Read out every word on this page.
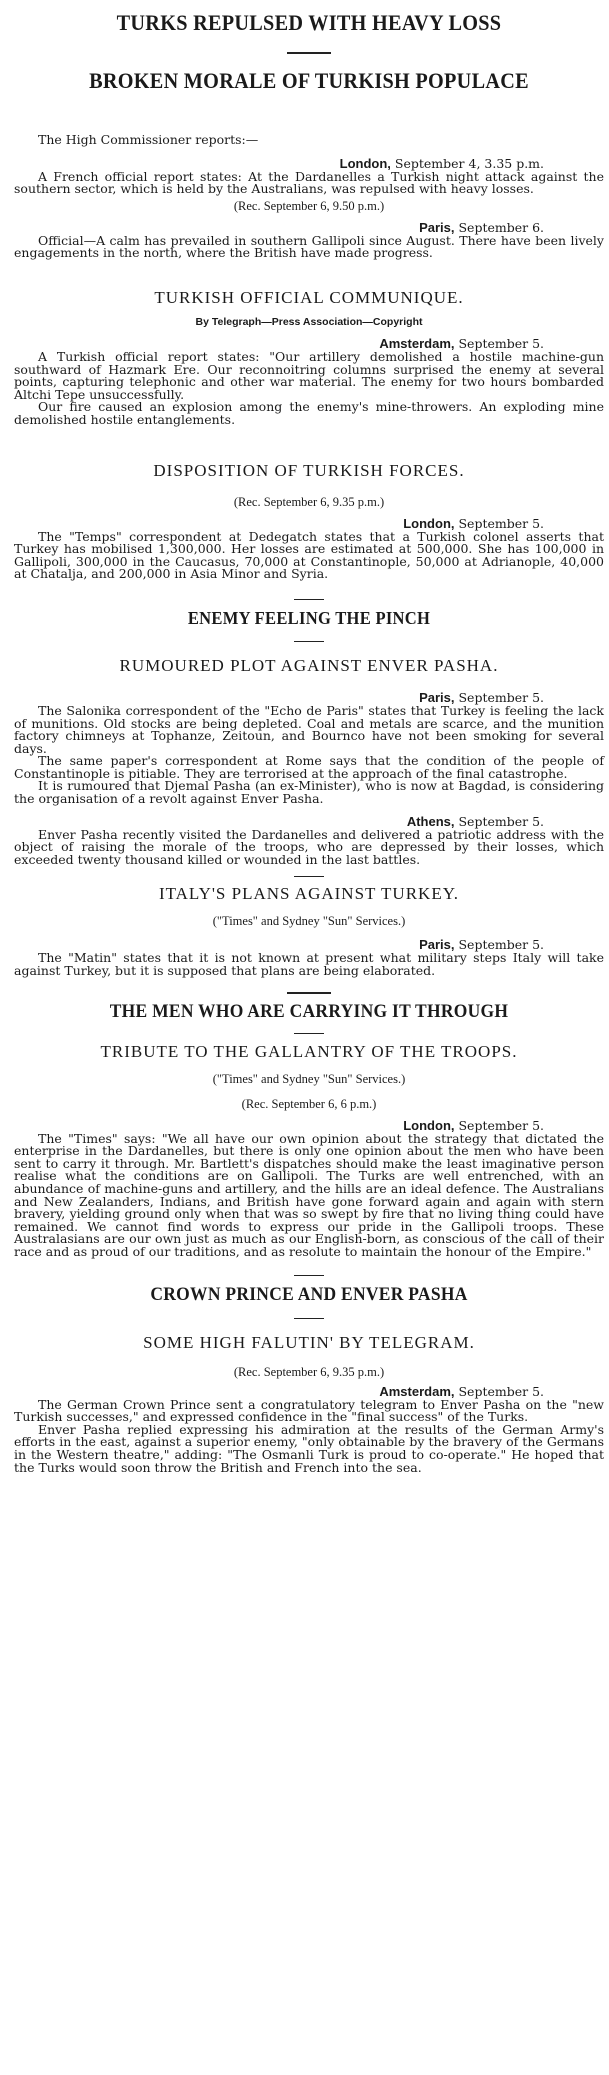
TURKS REPULSED WITH HEAVY LOSS
BROKEN MORALE OF TURKISH POPULACE

The High Commissioner reports:—

London, September 4, 3.35 p.m.

A French official report states: At the Dardanelles a Turkish night attack against the southern sector, which is held by the Australians, was repulsed with heavy losses.

(Rec. September 6, 9.50 p.m.)

Paris, September 6.

Official—A calm has prevailed in southern Gallipoli since August. There have been lively engagements in the north, where the British have made progress.

TURKISH OFFICIAL COMMUNIQUE.

By Telegraph—Press Association—Copyright

Amsterdam, September 5.

A Turkish official report states: "Our artillery demolished a hostile machine-gun southward of Hazmark Ere. Our reconnoitring columns surprised the enemy at several points, capturing telephonic and other war material. The enemy for two hours bombarded Altchi Tepe unsuccessfully.

Our fire caused an explosion among the enemy's mine-throwers. An exploding mine demolished hostile entanglements.

DISPOSITION OF TURKISH FORCES.

(Rec. September 6, 9.35 p.m.)

London, September 5.

The "Temps" correspondent at Dedegatch states that a Turkish colonel asserts that Turkey has mobilised 1,300,000. Her losses are estimated at 500,000. She has 100,000 in Gallipoli, 300,000 in the Caucasus, 70,000 at Constantinople, 50,000 at Adrianople, 40,000 at Chatalja, and 200,000 in Asia Minor and Syria.

ENEMY FEELING THE PINCH
RUMOURED PLOT AGAINST ENVER PASHA.

Paris, September 5.

The Salonika correspondent of the "Echo de Paris" states that Turkey is feeling the lack of munitions. Old stocks are being depleted. Coal and metals are scarce, and the munition factory chimneys at Tophanze, Zeitoun, and Bournco have not been smoking for several days.

The same paper's correspondent at Rome says that the condition of the people of Constantinople is pitiable. They are terrorised at the approach of the final catastrophe.

It is rumoured that Djemal Pasha (an ex-Minister), who is now at Bagdad, is considering the organisation of a revolt against Enver Pasha.

Athens, September 5.

Enver Pasha recently visited the Dardanelles and delivered a patriotic address with the object of raising the morale of the troops, who are depressed by their losses, which exceeded twenty thousand killed or wounded in the last battles.

ITALY'S PLANS AGAINST TURKEY.

("Times" and Sydney "Sun" Services.)

Paris, September 5.

The "Matin" states that it is not known at present what military steps Italy will take against Turkey, but it is supposed that plans are being elaborated.

THE MEN WHO ARE CARRYING IT THROUGH
TRIBUTE TO THE GALLANTRY OF THE TROOPS.

("Times" and Sydney "Sun" Services.)

(Rec. September 6, 6 p.m.)

London, September 5.

The "Times" says: "We all have our own opinion about the strategy that dictated the enterprise in the Dardanelles, but there is only one opinion about the men who have been sent to carry it through. Mr. Bartlett's dispatches should make the least imaginative person realise what the conditions are on Gallipoli. The Turks are well entrenched, with an abundance of machine-guns and artillery, and the hills are an ideal defence. The Australians and New Zealanders, Indians, and British have gone forward again and again with stern bravery, yielding ground only when that was so swept by fire that no living thing could have remained. We cannot find words to express our pride in the Gallipoli troops. These Australasians are our own just as much as our English-born, as conscious of the call of their race and as proud of our traditions, and as resolute to maintain the honour of the Empire."

CROWN PRINCE AND ENVER PASHA
SOME HIGH FALUTIN' BY TELEGRAM.

(Rec. September 6, 9.35 p.m.)

Amsterdam, September 5.

The German Crown Prince sent a congratulatory telegram to Enver Pasha on the "new Turkish successes," and expressed confidence in the "final success" of the Turks.

Enver Pasha replied expressing his admiration at the results of the German Army's efforts in the east, against a superior enemy, "only obtainable by the bravery of the Germans in the Western theatre," adding: "The Osmanli Turk is proud to co-operate." He hoped that the Turks would soon throw the British and French into the sea.
